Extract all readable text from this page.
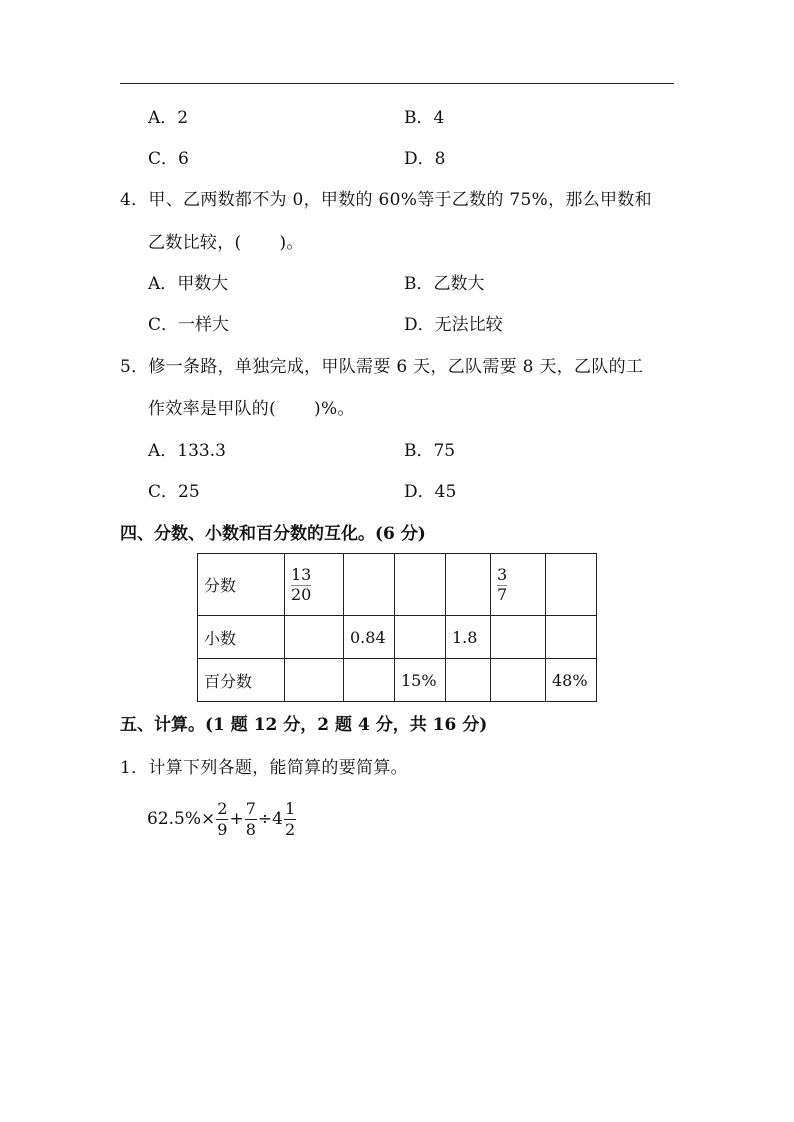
A．2	B．4
C．6	D．8
4．甲、乙两数都不为 0，甲数的 60%等于乙数的 75%，那么甲数和
乙数比较，( )。
A．甲数大	B．乙数大
C．一样大	D．无法比较
5．修一条路，单独完成，甲队需要 6 天，乙队需要 8 天，乙队的工
作效率是甲队的( )%。
A．133.3	B．75
C．25	D．45
四、分数、小数和百分数的互化。(6 分)
分数	$\frac{13}{20}$				$\frac{3}{7}$

小数		0.84		1.8		
百分数			15%			48%
五、计算。(1 题 12 分，2 题 4 分，共 16 分)
1．计算下列各题，能简算的要简算。
$62.5\%\times \frac{2}{9} + \frac{7}{8} \div 4 \frac{1}{2}$
